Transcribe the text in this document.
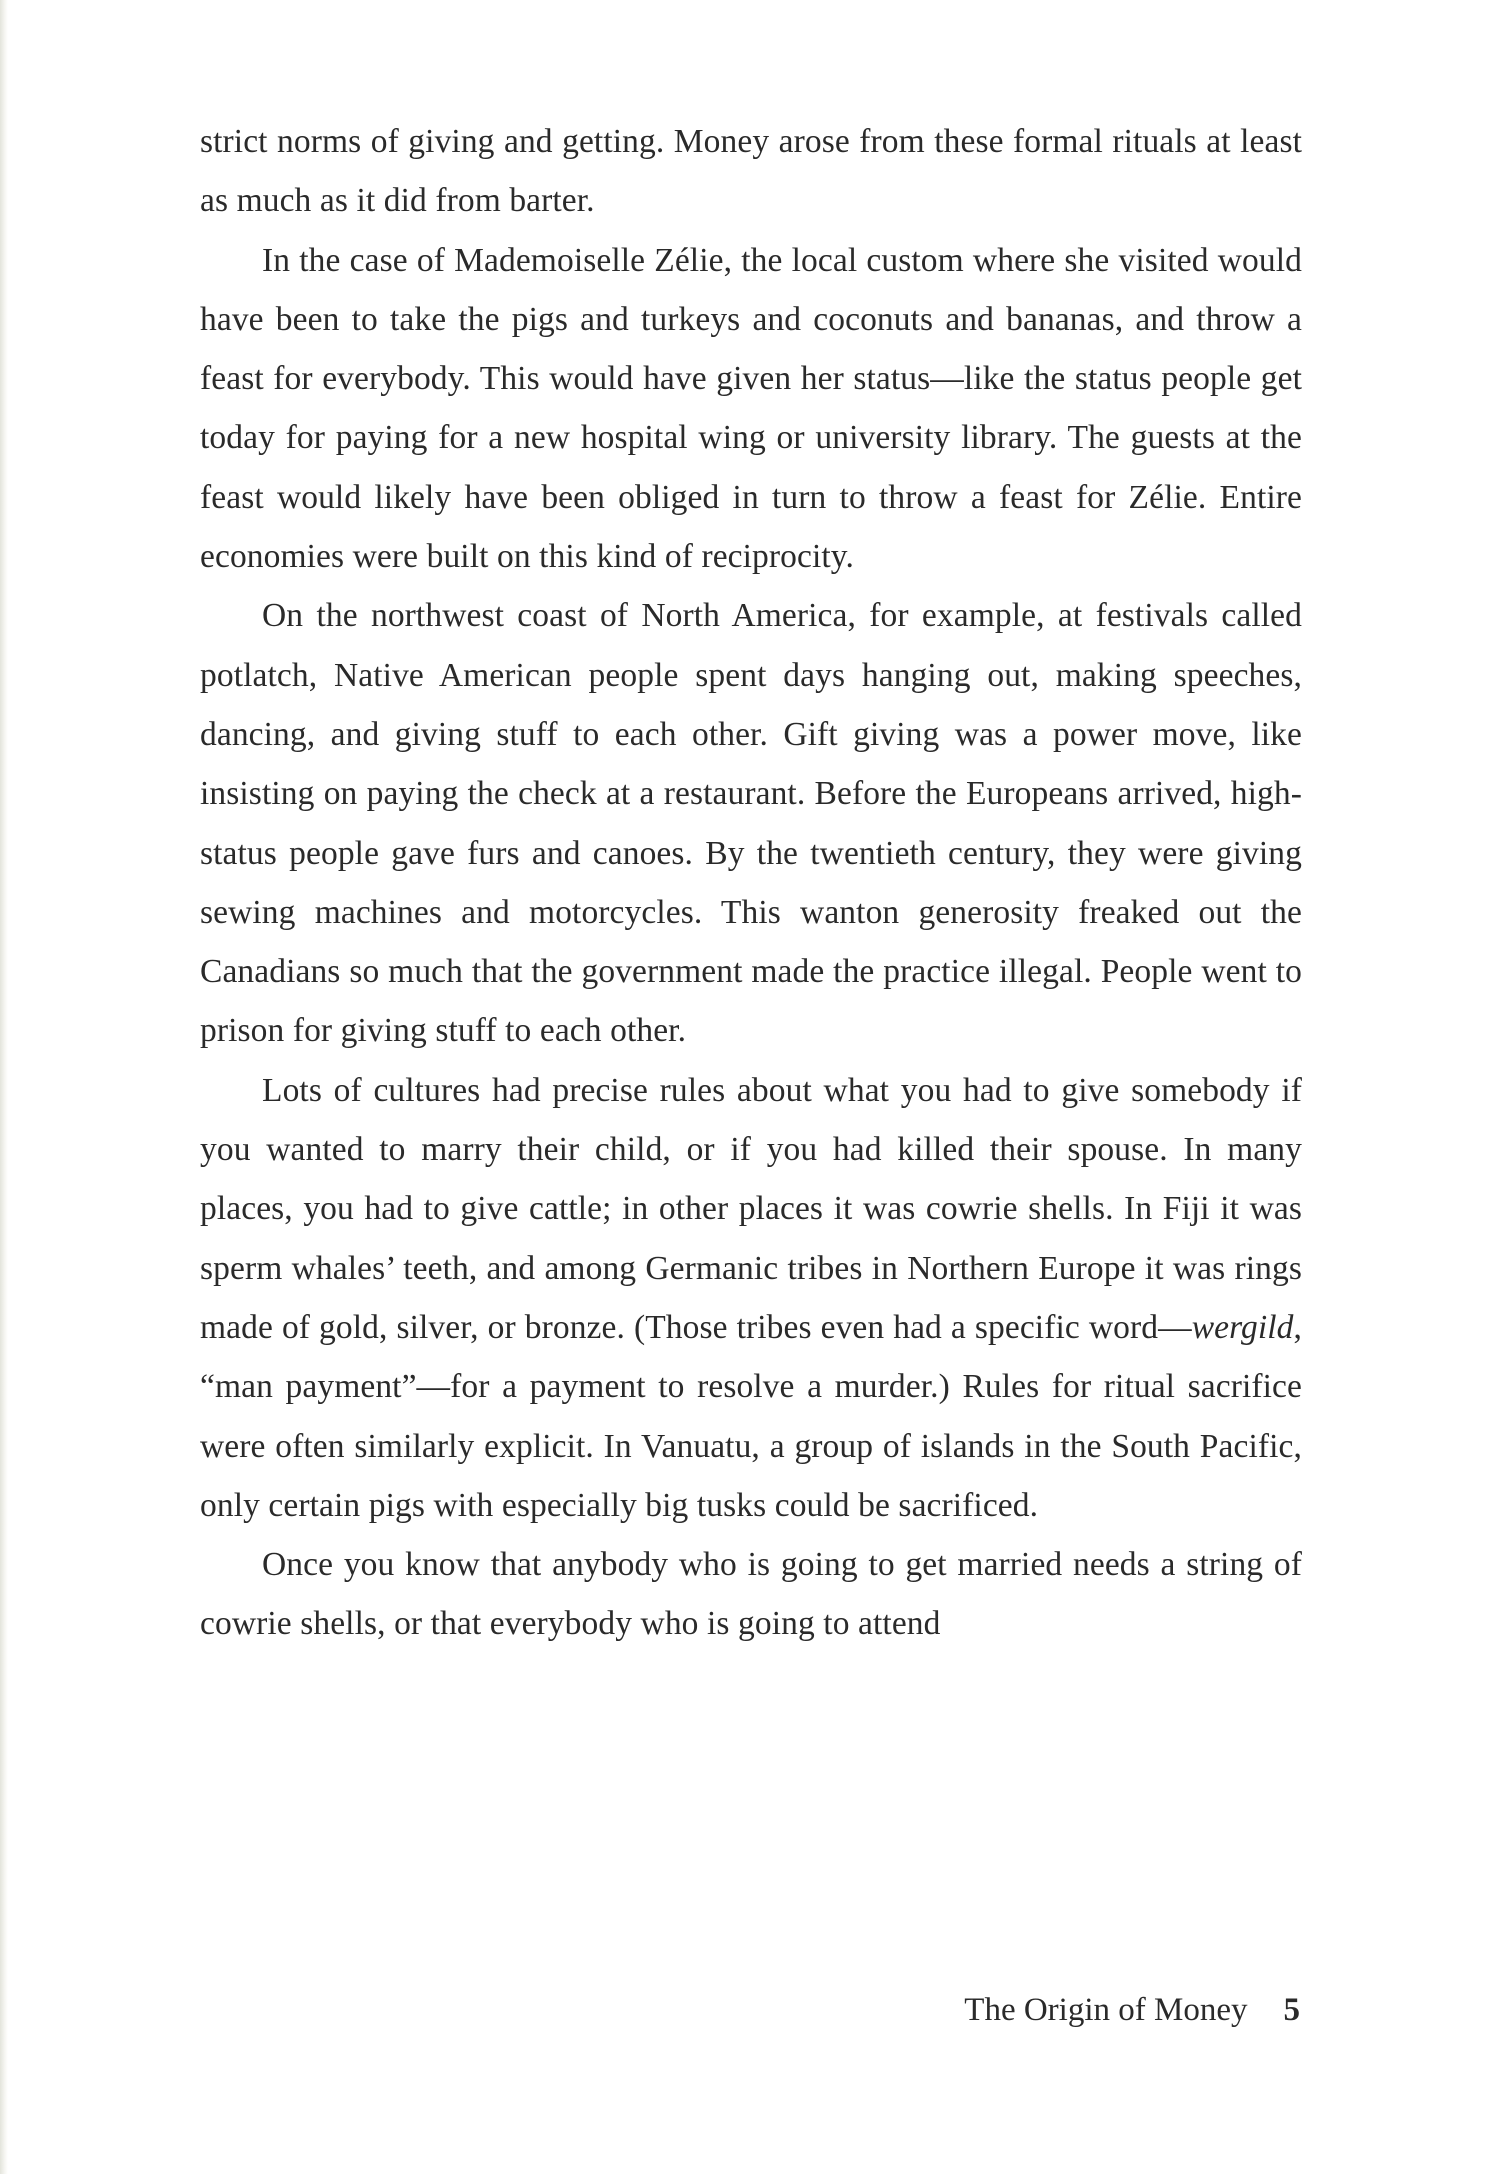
strict norms of giving and getting. Money arose from these formal rituals at least as much as it did from barter.

In the case of Mademoiselle Zélie, the local custom where she visited would have been to take the pigs and turkeys and coconuts and bananas, and throw a feast for everybody. This would have given her status—like the status people get today for paying for a new hospital wing or university library. The guests at the feast would likely have been obliged in turn to throw a feast for Zélie. Entire economies were built on this kind of reciprocity.

On the northwest coast of North America, for example, at festivals called potlatch, Native American people spent days hanging out, making speeches, dancing, and giving stuff to each other. Gift giving was a power move, like insisting on paying the check at a restaurant. Before the Europeans arrived, high-status people gave furs and canoes. By the twentieth century, they were giving sewing machines and motorcycles. This wanton generosity freaked out the Canadians so much that the government made the practice illegal. People went to prison for giving stuff to each other.

Lots of cultures had precise rules about what you had to give somebody if you wanted to marry their child, or if you had killed their spouse. In many places, you had to give cattle; in other places it was cowrie shells. In Fiji it was sperm whales’ teeth, and among Germanic tribes in Northern Europe it was rings made of gold, silver, or bronze. (Those tribes even had a specific word—wergild, “man payment”—for a payment to resolve a murder.) Rules for ritual sacrifice were often similarly explicit. In Vanuatu, a group of islands in the South Pacific, only certain pigs with especially big tusks could be sacrificed.

Once you know that anybody who is going to get married needs a string of cowrie shells, or that everybody who is going to attend

The Origin of Money 5
